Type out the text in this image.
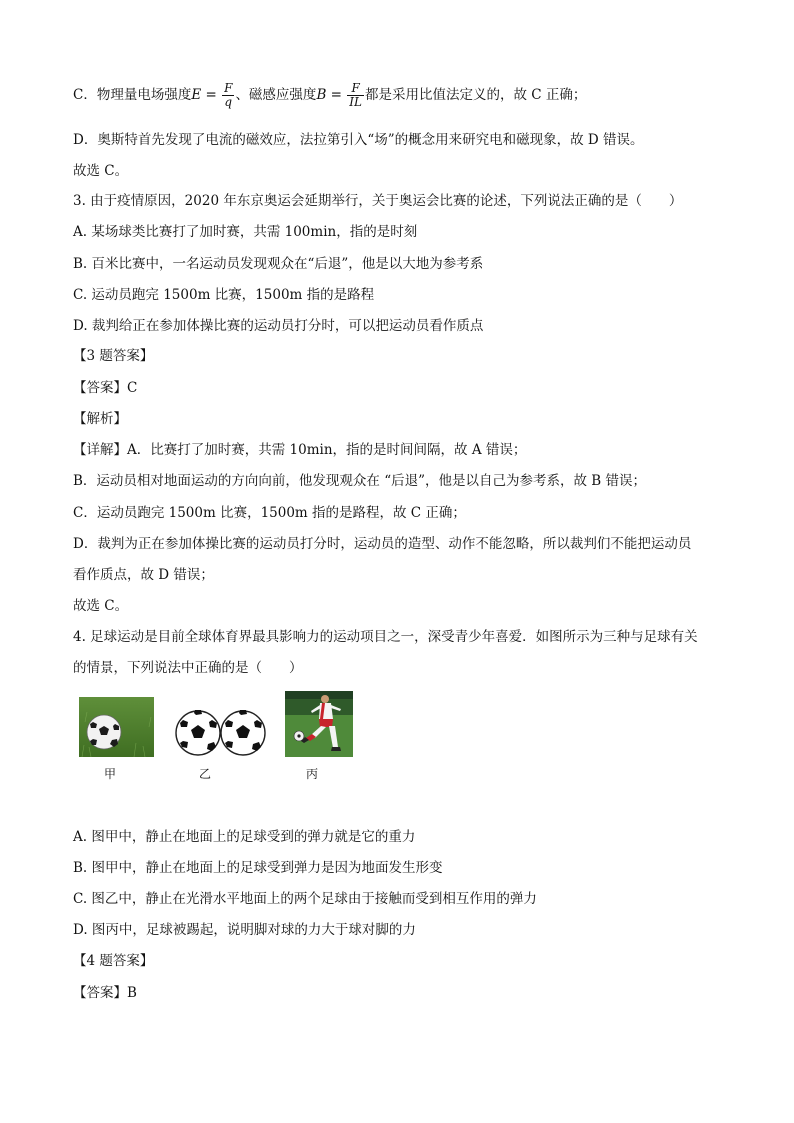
C．物理量电场强度$E = \frac{F}{q}$ 、磁感应强度$B = \frac{F}{IL}$ 都是采用比值法定义的，故 C 正确；
D．奥斯特首先发现了电流的磁效应，法拉第引入“场”的概念用来研究电和磁现象，故 D 错误。
故选 C。
3. 由于疫情原因，2020 年东京奥运会延期举行，关于奥运会比赛的论述，下列说法正确的是（　　）
A. 某场球类比赛打了加时赛，共需 100min，指的是时刻
B. 百米比赛中，一名运动员发现观众在“后退”，他是以大地为参考系
C. 运动员跑完 1500m 比赛，1500m 指的是路程
D. 裁判给正在参加体操比赛的运动员打分时，可以把运动员看作质点
【3 题答案】
【答案】C
【解析】
【详解】A．比赛打了加时赛，共需 10min，指的是时间间隔，故 A 错误；
B．运动员相对地面运动的方向向前，他发现观众在 “后退”，他是以自己为参考系，故 B 错误；
C．运动员跑完 1500m 比赛，1500m 指的是路程，故 C 正确；
D．裁判为正在参加体操比赛的运动员打分时，运动员的造型、动作不能忽略，所以裁判们不能把运动员
看作质点，故 D 错误；
故选 C。
4. 足球运动是目前全球体育界最具影响力的运动项目之一，深受青少年喜爱．如图所示为三种与足球有关
的情景，下列说法中正确的是（　　）
甲	乙	丙
A. 图甲中，静止在地面上的足球受到的弹力就是它的重力
B. 图甲中，静止在地面上的足球受到弹力是因为地面发生形变
C. 图乙中，静止在光滑水平地面上的两个足球由于接触而受到相互作用的弹力
D. 图丙中，足球被踢起，说明脚对球的力大于球对脚的力
【4 题答案】
【答案】B
